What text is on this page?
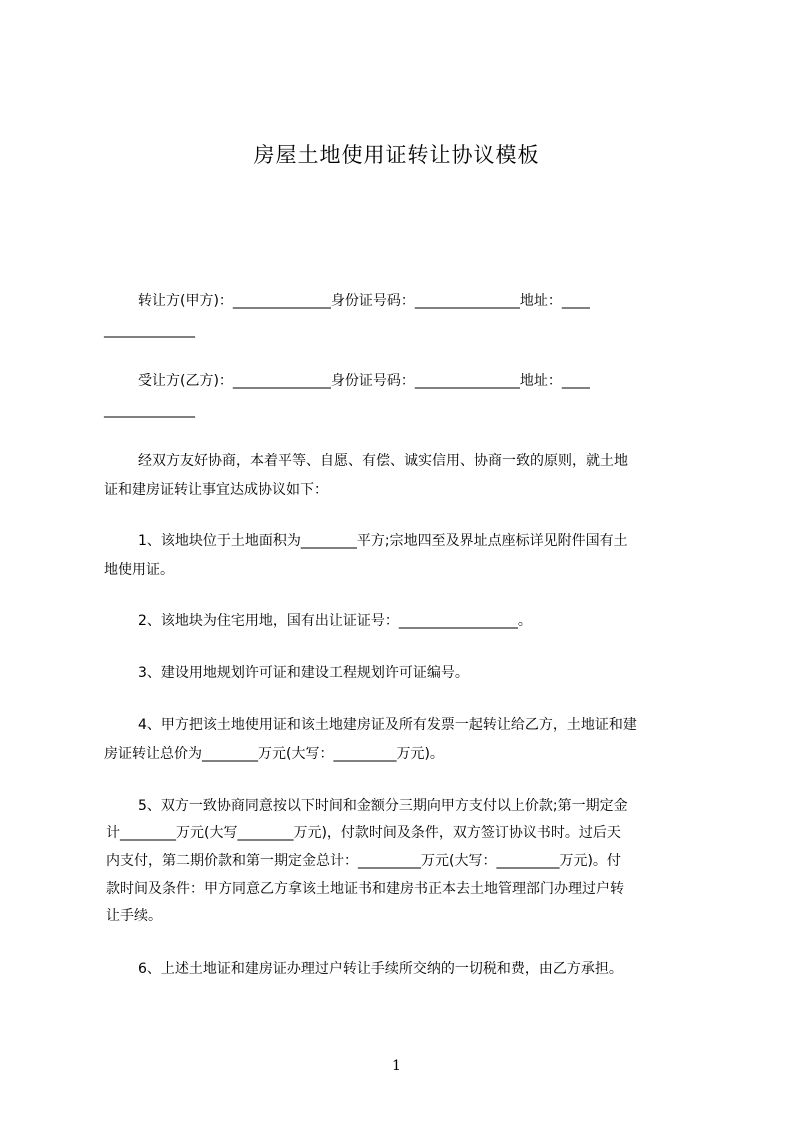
房屋土地使用证转让协议模板
转让方(甲方)：______________身份证号码：_______________地址：____
_____________
受让方(乙方)：______________身份证号码：_______________地址：____
_____________
经双方友好协商，本着平等、自愿、有偿、诚实信用、协商一致的原则，就土地
证和建房证转让事宜达成协议如下：
1、该地块位于土地面积为________平方;宗地四至及界址点座标详见附件国有土
地使用证。
2、该地块为住宅用地，国有出让证证号：_________________。
3、建设用地规划许可证和建设工程规划许可证编号。
4、甲方把该土地使用证和该土地建房证及所有发票一起转让给乙方，土地证和建
房证转让总价为________万元(大写：_________万元)。
5、双方一致协商同意按以下时间和金额分三期向甲方支付以上价款;第一期定金
计________万元(大写________万元)，付款时间及条件，双方签订协议书时。过后天
内支付，第二期价款和第一期定金总计：_________万元(大写：_________万元)。付
款时间及条件：甲方同意乙方拿该土地证书和建房书正本去土地管理部门办理过户转
让手续。
6、上述土地证和建房证办理过户转让手续所交纳的一切税和费，由乙方承担。
1
